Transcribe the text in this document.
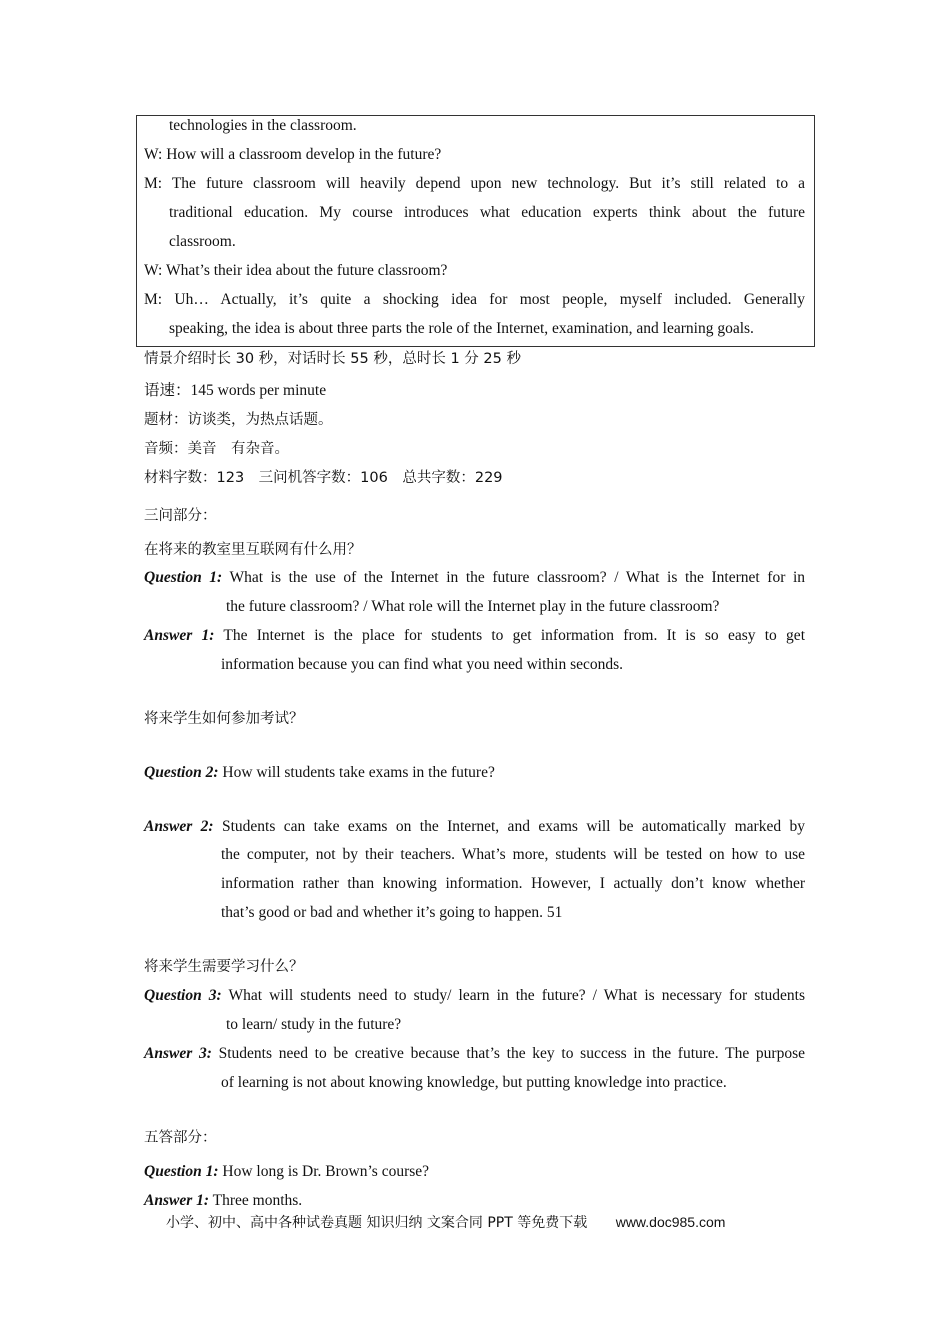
technologies in the classroom.
W: How will a classroom develop in the future?
M: The future classroom will heavily depend upon new technology. But it’s still related to a
traditional education. My course introduces what education experts think about the future
classroom.
W: What’s their idea about the future classroom?
M: Uh… Actually, it’s quite a shocking idea for most people, myself included. Generally
speaking, the idea is about three parts the role of the Internet, examination, and learning goals.
情景介绍时长 30 秒，对话时长 55 秒，总时长 1 分 25 秒
语速：145 words per minute
题材：访谈类，为热点话题。
音频：美音　有杂音。
材料字数：123　三问机答字数：106　总共字数：229
三问部分：
在将来的教室里互联网有什么用？
Question 1: What is the use of the Internet in the future classroom? / What is the Internet for in
the future classroom? / What role will the Internet play in the future classroom?
Answer 1: The Internet is the place for students to get information from. It is so easy to get
information because you can find what you need within seconds.
将来学生如何参加考试？
Question 2: How will students take exams in the future?
Answer 2: Students can take exams on the Internet, and exams will be automatically marked by
the computer, not by their teachers. What’s more, students will be tested on how to use
information rather than knowing information. However, I actually don’t know whether
that’s good or bad and whether it’s going to happen. 51
将来学生需要学习什么？
Question 3: What will students need to study/ learn in the future? / What is necessary for students
to learn/ study in the future?
Answer 3: Students need to be creative because that’s the key to success in the future. The purpose
of learning is not about knowing knowledge, but putting knowledge into practice.
五答部分：
Question 1: How long is Dr. Brown’s course?
Answer 1: Three months.
小学、初中、高中各种试卷真题 知识归纳 文案合同 PPT 等免费下载 www.doc985.com
